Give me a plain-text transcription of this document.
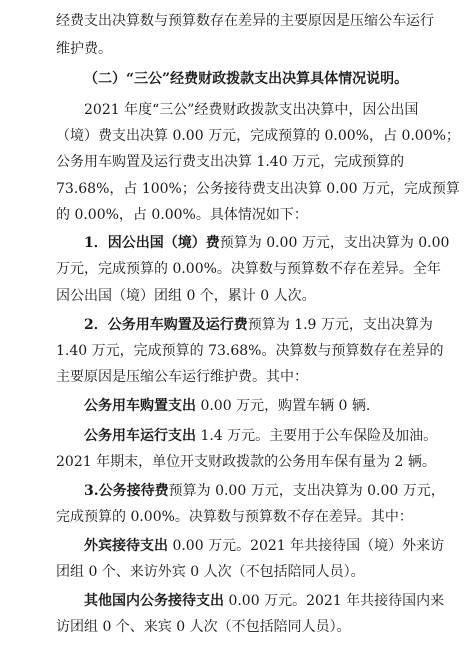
经费支出决算数与预算数存在差异的主要原因是压缩公车运行
维护费。
（二）“三公”经费财政拨款支出决算具体情况说明。
2021 年度“三公”经费财政拨款支出决算中，因公出国
（境）费支出决算 0.00 万元，完成预算的 0.00%，占 0.00%；
公务用车购置及运行费支出决算 1.40 万元，完成预算的
73.68%，占 100%；公务接待费支出决算 0.00 万元，完成预算
的 0.00%，占 0.00%。具体情况如下：
1．因公出国（境）费预算为 0.00 万元，支出决算为 0.00
万元，完成预算的 0.00%。决算数与预算数不存在差异。全年
因公出国（境）团组 0 个，累计 0 人次。
2．公务用车购置及运行费预算为 1.9 万元，支出决算为
1.40 万元，完成预算的 73.68%。决算数与预算数存在差异的
主要原因是压缩公车运行维护费。其中：
公务用车购置支出 0.00 万元，购置车辆 0 辆.
公务用车运行支出 1.4 万元。主要用于公车保险及加油。
2021 年期末，单位开支财政拨款的公务用车保有量为 2 辆。
3.公务接待费预算为 0.00 万元，支出决算为 0.00 万元，
完成预算的 0.00%。决算数与预算数不存在差异。其中：
外宾接待支出 0.00 万元。2021 年共接待国（境）外来访
团组 0 个、来访外宾 0 人次（不包括陪同人员）。
其他国内公务接待支出 0.00 万元。2021 年共接待国内来
访团组 0 个、来宾 0 人次（不包括陪同人员）。
